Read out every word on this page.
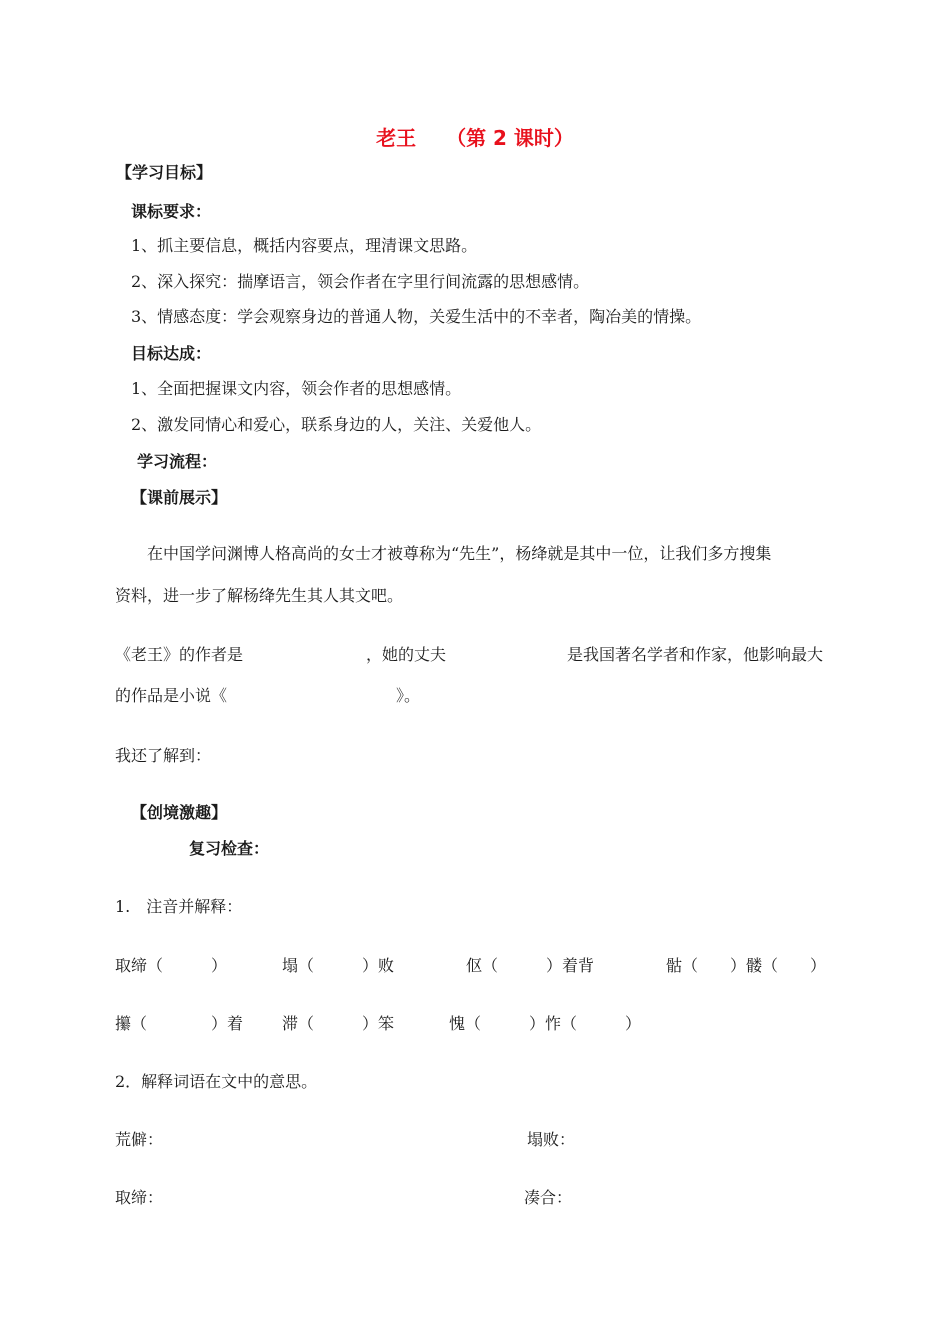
老王　　（第 2 课时）
【学习目标】
课标要求：
1、抓主要信息，概括内容要点，理清课文思路。
2、深入探究：揣摩语言，领会作者在字里行间流露的思想感情。
3、情感态度：学会观察身边的普通人物，关爱生活中的不幸者，陶冶美的情操。
目标达成：
1、全面把握课文内容，领会作者的思想感情。
2、激发同情心和爱心，联系身边的人，关注、关爱他人。
学习流程：
【课前展示】
在中国学问渊博人格高尚的女士才被尊称为“先生”，杨绛就是其中一位，让我们多方搜集
资料，进一步了解杨绛先生其人其文吧。
《老王》的作者是	，她的丈夫	是我国著名学者和作家，他影响最大
的作品是小说《	》。
我还了解到：
【创境激趣】
复习检查：
1.　注音并解释：
取缔（　　　）	塌（　　　）败	伛（　　　）着背	骷（　　）髅（　　）
攥（　　　　）着 滞（　　　）笨	愧（　　　）怍（　　　）
2．解释词语在文中的意思。
荒僻：	塌败：
取缔：	凑合：
